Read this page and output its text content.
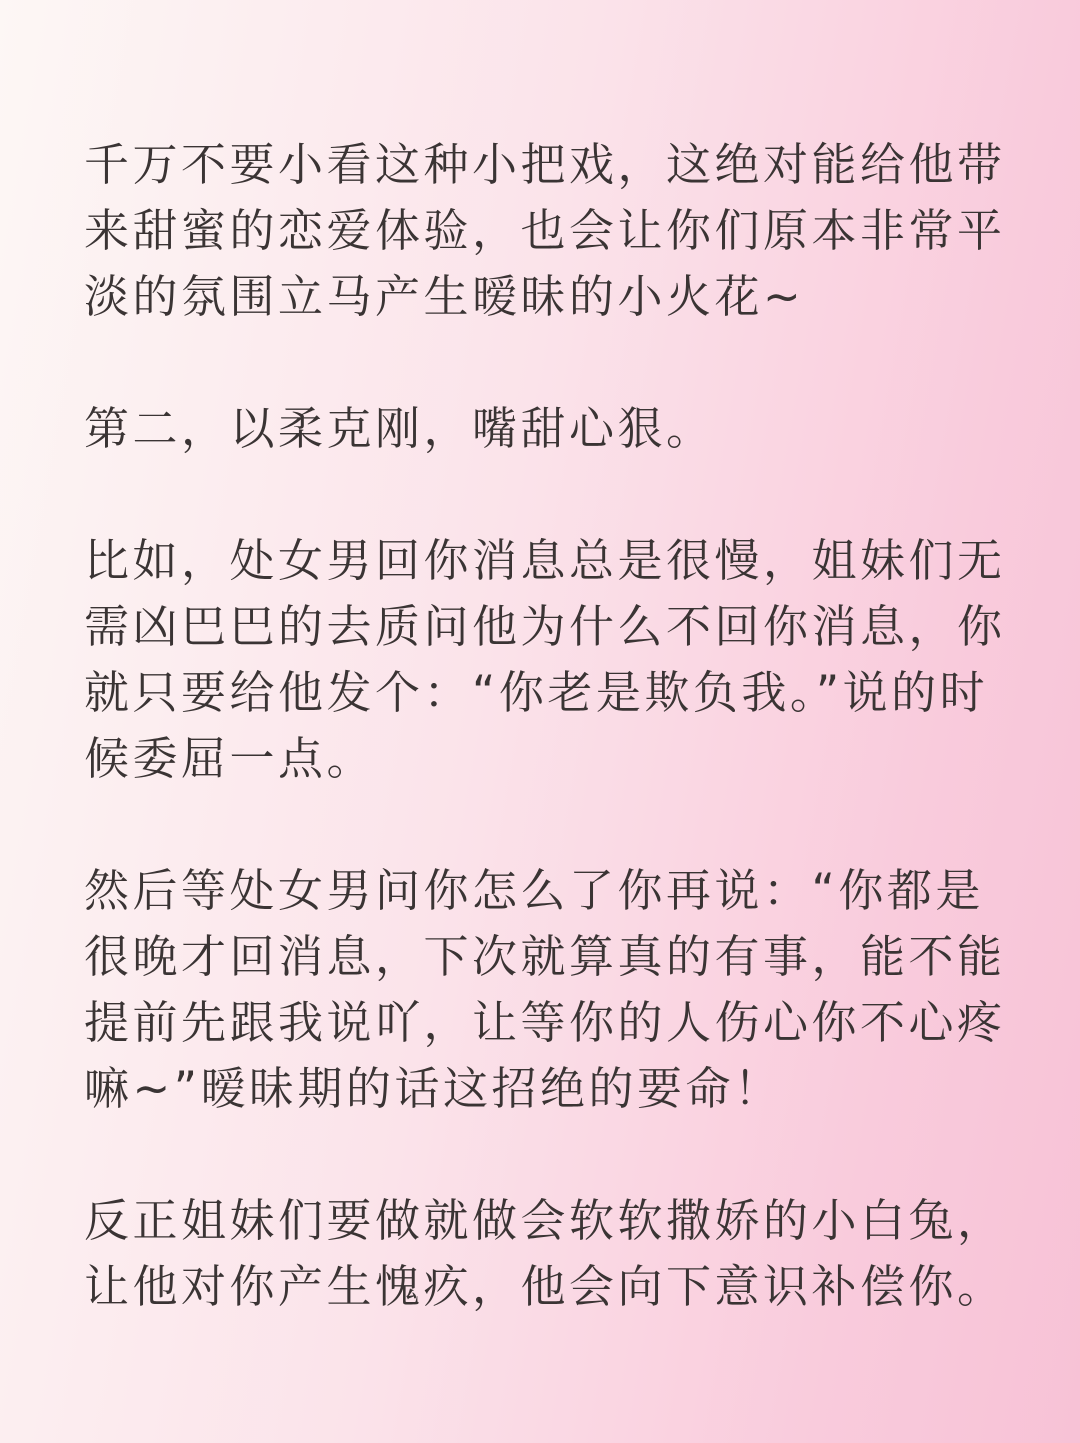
千万不要小看这种小把戏，这绝对能给他带来甜蜜的恋爱体验，也会让你们原本非常平淡的氛围立马产生暧昧的小火花~

第二，以柔克刚，嘴甜心狠。

比如，处女男回你消息总是很慢，姐妹们无需凶巴巴的去质问他为什么不回你消息，你就只要给他发个：“你老是欺负我。”说的时候委屈一点。

然后等处女男问你怎么了你再说：“你都是很晚才回消息，下次就算真的有事，能不能提前先跟我说吖，让等你的人伤心你不心疼嘛~”暧昧期的话这招绝的要命！

反正姐妹们要做就做会软软撒娇的小白兔，让他对你产生愧疚，他会向下意识补偿你。
